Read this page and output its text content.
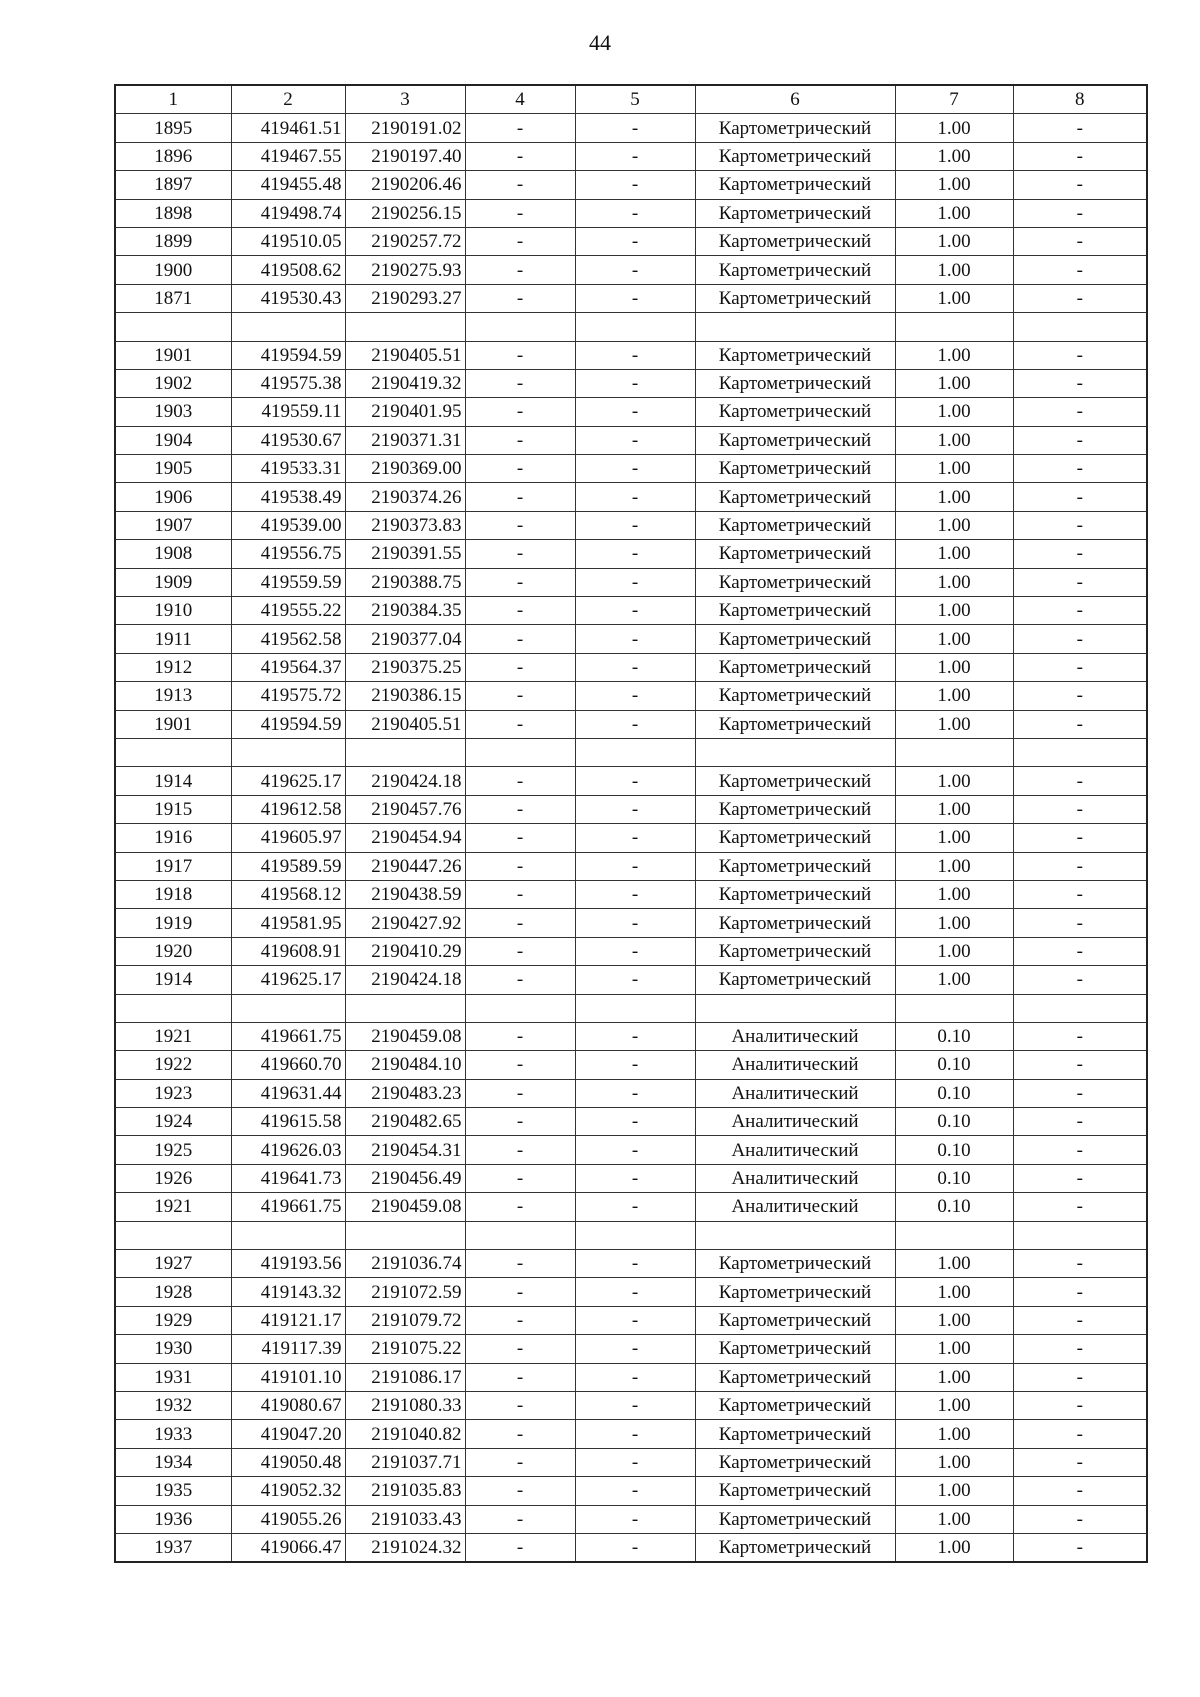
44
1	2	3	4	5	6	7	8
1895	419461.51	2190191.02	-	-	Картометрический	1.00	-
1896	419467.55	2190197.40	-	-	Картометрический	1.00	-
1897	419455.48	2190206.46	-	-	Картометрический	1.00	-
1898	419498.74	2190256.15	-	-	Картометрический	1.00	-
1899	419510.05	2190257.72	-	-	Картометрический	1.00	-
1900	419508.62	2190275.93	-	-	Картометрический	1.00	-
1871	419530.43	2190293.27	-	-	Картометрический	1.00	-

1901	419594.59	2190405.51	-	-	Картометрический	1.00	-
1902	419575.38	2190419.32	-	-	Картометрический	1.00	-
1903	419559.11	2190401.95	-	-	Картометрический	1.00	-
1904	419530.67	2190371.31	-	-	Картометрический	1.00	-
1905	419533.31	2190369.00	-	-	Картометрический	1.00	-
1906	419538.49	2190374.26	-	-	Картометрический	1.00	-
1907	419539.00	2190373.83	-	-	Картометрический	1.00	-
1908	419556.75	2190391.55	-	-	Картометрический	1.00	-
1909	419559.59	2190388.75	-	-	Картометрический	1.00	-
1910	419555.22	2190384.35	-	-	Картометрический	1.00	-
1911	419562.58	2190377.04	-	-	Картометрический	1.00	-
1912	419564.37	2190375.25	-	-	Картометрический	1.00	-
1913	419575.72	2190386.15	-	-	Картометрический	1.00	-
1901	419594.59	2190405.51	-	-	Картометрический	1.00	-

1914	419625.17	2190424.18	-	-	Картометрический	1.00	-
1915	419612.58	2190457.76	-	-	Картометрический	1.00	-
1916	419605.97	2190454.94	-	-	Картометрический	1.00	-
1917	419589.59	2190447.26	-	-	Картометрический	1.00	-
1918	419568.12	2190438.59	-	-	Картометрический	1.00	-
1919	419581.95	2190427.92	-	-	Картометрический	1.00	-
1920	419608.91	2190410.29	-	-	Картометрический	1.00	-
1914	419625.17	2190424.18	-	-	Картометрический	1.00	-

1921	419661.75	2190459.08	-	-	Аналитический	0.10	-
1922	419660.70	2190484.10	-	-	Аналитический	0.10	-
1923	419631.44	2190483.23	-	-	Аналитический	0.10	-
1924	419615.58	2190482.65	-	-	Аналитический	0.10	-
1925	419626.03	2190454.31	-	-	Аналитический	0.10	-
1926	419641.73	2190456.49	-	-	Аналитический	0.10	-
1921	419661.75	2190459.08	-	-	Аналитический	0.10	-

1927	419193.56	2191036.74	-	-	Картометрический	1.00	-
1928	419143.32	2191072.59	-	-	Картометрический	1.00	-
1929	419121.17	2191079.72	-	-	Картометрический	1.00	-
1930	419117.39	2191075.22	-	-	Картометрический	1.00	-
1931	419101.10	2191086.17	-	-	Картометрический	1.00	-
1932	419080.67	2191080.33	-	-	Картометрический	1.00	-
1933	419047.20	2191040.82	-	-	Картометрический	1.00	-
1934	419050.48	2191037.71	-	-	Картометрический	1.00	-
1935	419052.32	2191035.83	-	-	Картометрический	1.00	-
1936	419055.26	2191033.43	-	-	Картометрический	1.00	-
1937	419066.47	2191024.32	-	-	Картометрический	1.00	-
